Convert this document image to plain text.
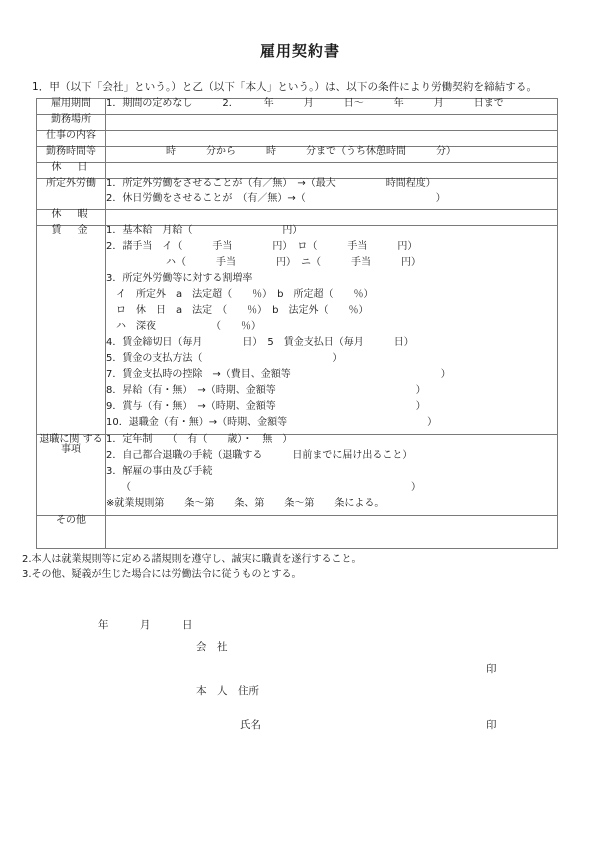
雇用契約書
1．甲（以下「会社」という。）と乙（以下「本人」という。）は、以下の条件により労働契約を締結する。
雇用期間	1．期間の定めなし　　　2．　　　年　　　月　　　日～　　　年　　　月　　　日まで

勤務場所	

仕事の内容	

勤務時間等	　　　　　　時　　　分から　　　時　　　分まで（うち休憩時間　　　分）

休　日	

所定外労働	1．所定外労働をさせることが（有／無）　→（最大　　　　　時間程度）
2．休日労働をさせることが　（有／無）→（　　　　　　　　　　　　　）

休　暇	

賃　金	1．基本給　月給（　　　　　　　　　円）
2．諸手当　イ（　　　手当　　　　円）　ロ（　　　手当　　　円）
　　　　　　ハ（　　　手当　　　　円）　ニ（　　　手当　　　円）
3．所定外労働等に対する割増率
　イ　所定外　a　法定超（　　％）　b　所定超（　　％）
　ロ　休　日　a　法定　（　　％）　b　法定外（　　％）
　ハ　深夜　　　　　　（　　％）
4．賃金締切日（毎月　　　　日）　5　賃金支払日（毎月　　　日）
5．賃金の支払方法（　　　　　　　　　　　　　）
7．賃金支払時の控除　→（費目、金額等　　　　　　　　　　　　　　　）
8．昇給（有・無）　→（時期、金額等　　　　　　　　　　　　　　）
9．賞与（有・無）　→（時期、金額等　　　　　　　　　　　　　　）
10．退職金（有・無）→（時期、金額等　　　　　　　　　　　　　　）

退職に関 する事項	1．定年制　　（　有（　　歳）・　無　）
2．自己都合退職の手続（退職する　　　日前までに届け出ること）
3．解雇の事由及び手続
　　（　　　　　　　　　　　　　　　　　　　　　　　　　　　　）
※就業規則第　　条～第　　条、第　　条～第　　条による。

その他	
2.本人は就業規則等に定める諸規則を遵守し、誠実に職責を遂行すること。
3.その他、疑義が生じた場合には労働法令に従うものとする。
年　　　月　　　日
会　社
印
本　人　住所
氏名	印
